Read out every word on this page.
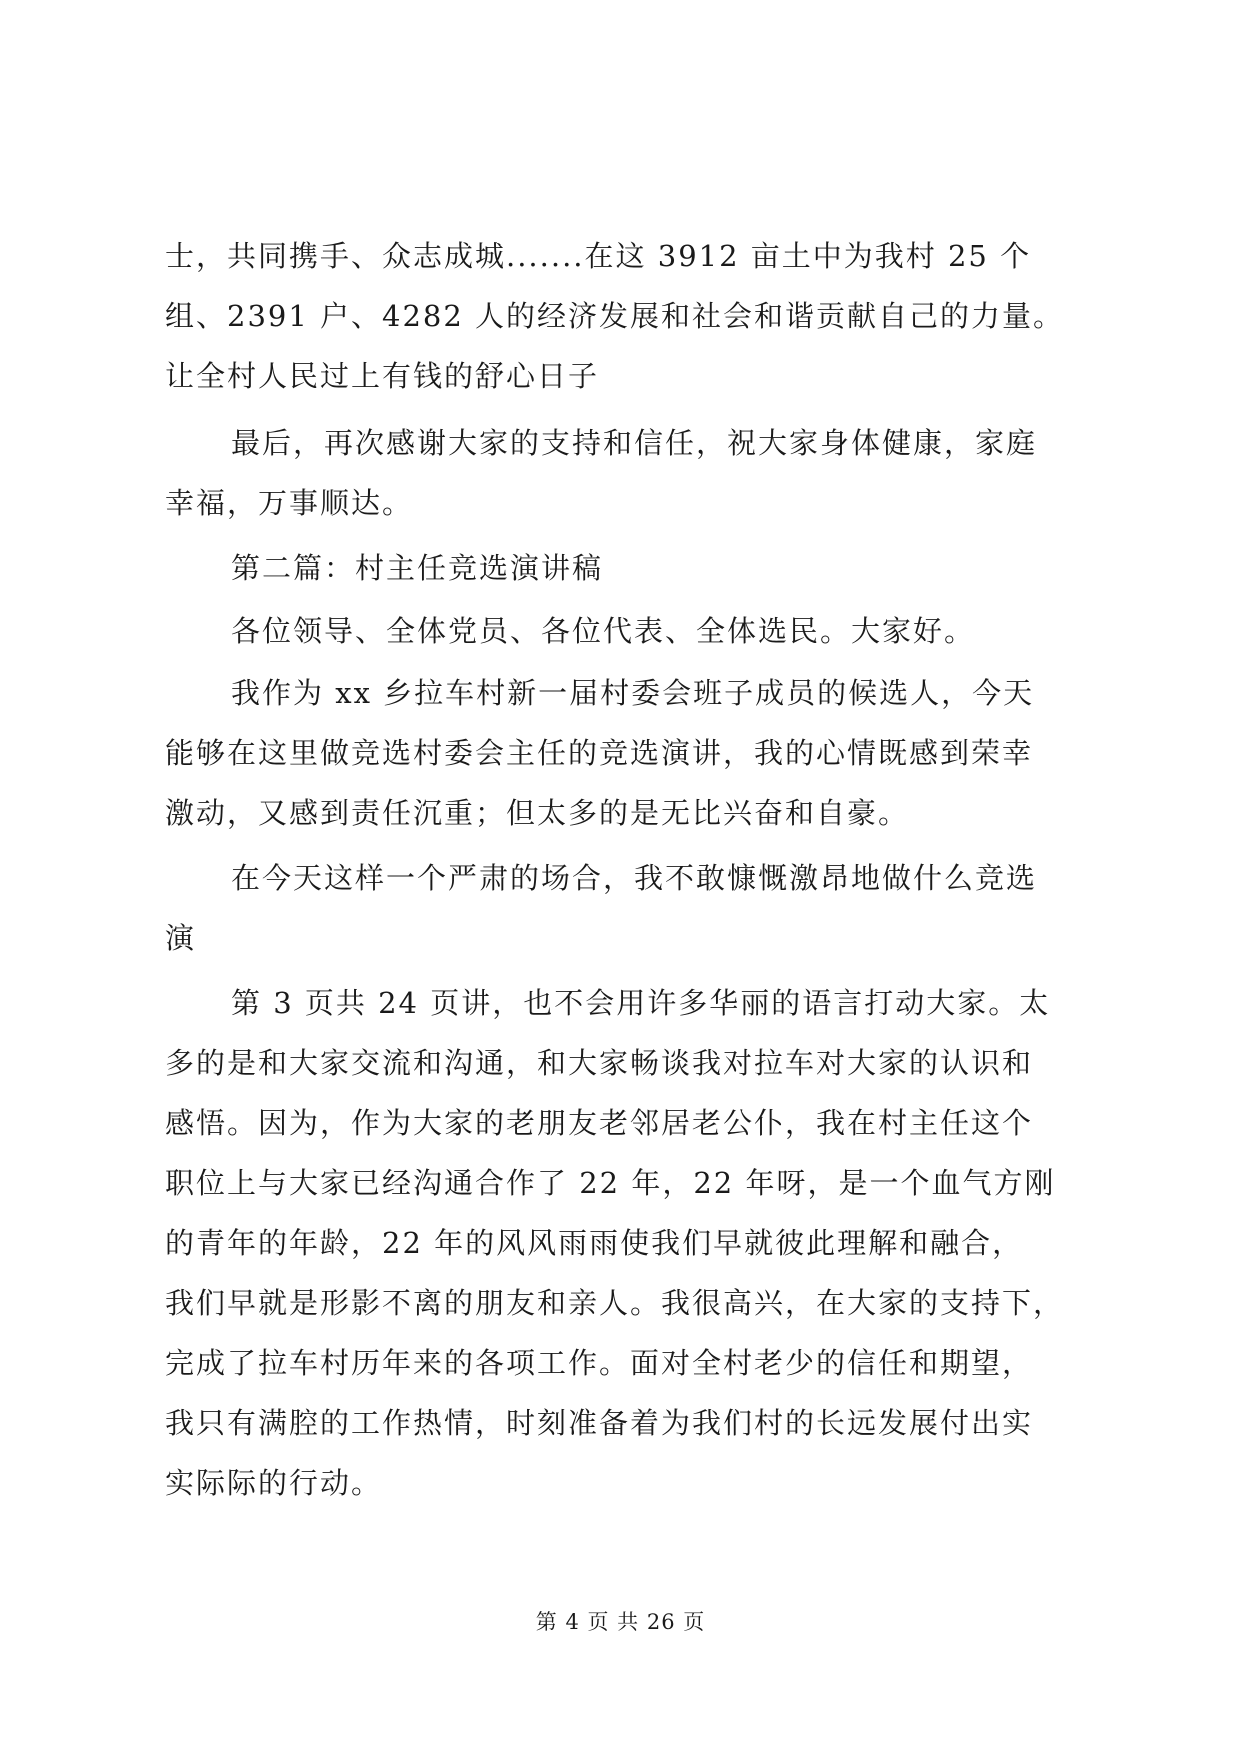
士，共同携手、众志成城.......在这 3912 亩土中为我村 25 个
组、2391 户、4282 人的经济发展和社会和谐贡献自己的力量。
让全村人民过上有钱的舒心日子
最后，再次感谢大家的支持和信任，祝大家身体健康，家庭
幸福，万事顺达。
第二篇：村主任竞选演讲稿
各位领导、全体党员、各位代表、全体选民。大家好。
我作为 xx 乡拉车村新一届村委会班子成员的候选人，今天
能够在这里做竞选村委会主任的竞选演讲，我的心情既感到荣幸
激动，又感到责任沉重；但太多的是无比兴奋和自豪。
在今天这样一个严肃的场合，我不敢慷慨激昂地做什么竞选
演
第 3 页共 24 页讲，也不会用许多华丽的语言打动大家。太
多的是和大家交流和沟通，和大家畅谈我对拉车对大家的认识和
感悟。因为，作为大家的老朋友老邻居老公仆，我在村主任这个
职位上与大家已经沟通合作了 22 年，22 年呀，是一个血气方刚
的青年的年龄，22 年的风风雨雨使我们早就彼此理解和融合，
我们早就是形影不离的朋友和亲人。我很高兴，在大家的支持下，
完成了拉车村历年来的各项工作。面对全村老少的信任和期望，
我只有满腔的工作热情，时刻准备着为我们村的长远发展付出实
实际际的行动。
第 4 页 共 26 页
